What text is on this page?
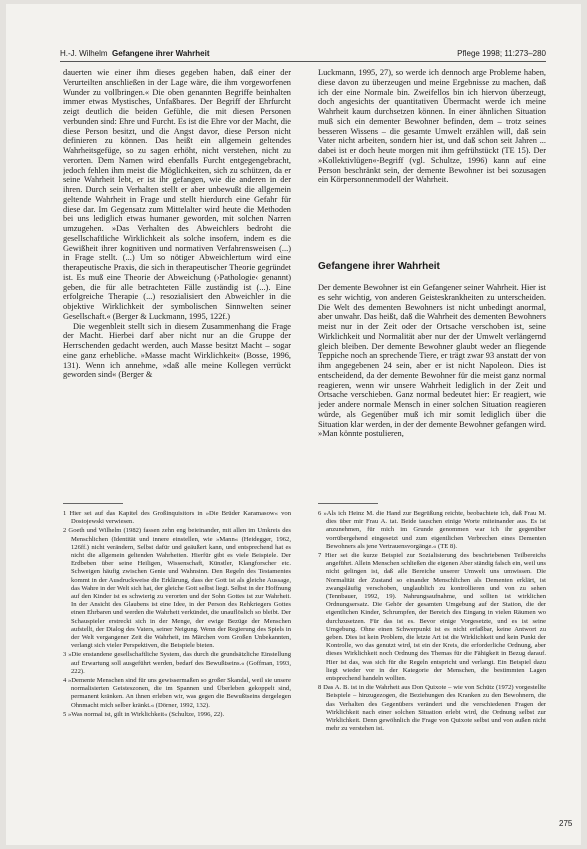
H.-J. Wilhelm Gefangene ihrer Wahrheit	Pflege 1998; 11:273–280

dauerten wie einer ihm dieses gegeben haben, daß einer der Verurteilten anschließen in der Lage wäre, die ihm vorgeworfenen Wunder zu vollbringen.« Die oben genannten Begriffe beinhalten immer etwas Mystisches, Unfaßbares. Der Begriff der Ehrfurcht zeigt deutlich die beiden Gefühle, die mit diesen Personen verbunden sind: Ehre und Furcht. Es ist die Ehre vor der Macht, die diese Person besitzt, und die Angst davor, diese Person nicht definieren zu können. Das heißt ein allgemein geltendes Wahrheitsgefüge, so zu sagen erhöht, nicht verstehen, nicht zu verorten. Dem Namen wird ebenfalls Furcht entgegengebracht, jedoch fehlen ihm meist die Möglichkeiten, sich zu schützen, da er seine Wahrheit lebt, er ist ihr gefangen, wie die anderen in der ihren. Durch sein Verhalten stellt er aber unbewußt die allgemein geltende Wahrheit in Frage und stellt hierdurch eine Gefahr für diese dar. Im Gegensatz zum Mittelalter wird heute die Methoden bei uns lediglich etwas humaner geworden, mit solchen Narren umzugehen. »Das Verhalten des Abweichlers bedroht die gesellschaftliche Wirklichkeit als solche insofern, indem es die Gewißheit ihrer kognitiven und normativen Verfahrensweisen (...) in Frage stellt. (...) Um so nötiger Abweichlertum wird eine therapeutische Praxis, die sich in therapeutischer Theorie gegründet ist. Es muß eine Theorie der Abweichung (›Pathologie‹ genannt) geben, die für alle betrachteten Fälle zuständig ist (...). Eine erfolgreiche Therapie (...) resozialisiert den Abweichler in die objektive Wirklichkeit der symbolischen Sinnwelten seiner Gesellschaft.« (Berger & Luckmann, 1995, 122f.)

Die wegenbleit stellt sich in diesem Zusammenhang die Frage der Macht. Hierbei darf aber nicht nur an die Gruppe der Herrschenden gedacht werden, auch Masse besitzt Macht – sogar eine ganz erhebliche. »Masse macht Wirklichkeit« (Bosse, 1996, 131). Wenn ich annehme, »daß alle meine Kollegen verrückt geworden sind« (Berger &

Luckmann, 1995, 27), so werde ich dennoch arge Probleme haben, diese davon zu überzeugen und meine Ergebnisse zu machen, daß ich der eine Normale bin. Zweifellos bin ich hiervon überzeugt, doch angesichts der quantitativen Übermacht werde ich meine Wahrheit kaum durchsetzen können. In einer ähnlichen Situation muß sich ein dementer Bewohner befinden, dem – trotz seines besseren Wissens – die gesamte Umwelt erzählen will, daß sein Vater nicht arbeiten, sondern hier ist, und daß schon seit Jahren ... dabei ist er doch heute morgen mit ihm gefrühstückt (TE 15). Der »Kollektivlügen«-Begriff (vgl. Schultze, 1996) kann auf eine Person beschränkt sein, der demente Bewohner ist bei sozusagen ein Körpersonnenmodell der Wahrheit.

Gefangene ihrer Wahrheit

Der demente Bewohner ist ein Gefangener seiner Wahrheit. Hier ist es sehr wichtig, von anderen Geisteskrankheiten zu unterscheiden. Die Welt des dementen Bewohners ist nicht unbedingt anormal, aber unwahr. Das heißt, daß die Wahrheit des dementen Bewohners meist nur in der Zeit oder der Ortsache verschoben ist, seine Wirklichkeit und Normalität aber nur der der Umwelt verlängernd gleich bleiben. Der demente Bewohner glaubt weder an fliegende Teppiche noch an sprechende Tiere, er trägt zwar 93 anstatt der von ihm angegebenen 24 sein, aber er ist nicht Napoleon. Dies ist entscheidend, da der demente Bewohner für die meist ganz normal reagieren, wenn wir unsere Wahrheit lediglich in der Zeit und Ortsache verschieben. Ganz normal bedeutet hier: Er reagiert, wie jeder andere normale Mensch in einer solchen Situation reagieren würde, als Gegenüber muß ich mir somit lediglich über die Situation klar werden, in der der demente Bewohner gefangen wird. »Man könnte postulieren,

1 Hier sei auf das Kapitel des Großinquisitors in »Die Brüder Karamasow« von Dostojewski verwiesen.

2 Goeth und Wilhelm (1982) fassen zehn eng beieinander, mit allen im Umkreis des Menschlichen (Identität und innere einstellen, wie »Mann« (Heidegger, 1962, 126ff.) nicht verändern, Selbst dafür und geäußert kann, und entsprechend hat es nicht die allgemein geltenden Wahrheiten. Hierfür gibt es viele Beispiele. Der Erdbeben über seine Heiligen, Wissenschaft, Künstler, Klangforscher etc. Schweigen häufig zwischen Genie und Wahnsinn. Den Regeln des Testamentes kommt in der Ausdruckweise die Erklärung, dass der Gott ist als gleiche Aussage, das Wahre in der Welt sich hat, der gleiche Gott selbst liegt. Selbst in der Hoffnung auf den Kinder ist es schwierig zu verorten und der Sohn Gottes ist zur Wahrheit. In der Ansicht des Glaubens ist eine Idee, in der Person des Rehkriegers Gottes einen Ehrbaren und werden die Wahrheit verkündet, die unauflöslich so bleibt. Der Schauspieler erstreckt sich in der Menge, der ewige Bezüge der Menschen aufstellt, der Dialog des Vaters, seiner Neigung. Wenn der Regierung des Spiels in der Welt vergangener Zeit die Wahrheit, im Märchen vom Großen Unbekannten, verlangt sich vieler Perspektiven, die Beispiele bieten.

3 »Die enstandene gesellschaftliche System, das durch die grundsätzliche Einstellung auf Erwartung soll ausgeführt werden, bedarf des Bewußtseins.« (Goffman, 1993, 222).

4 »Demente Menschen sind für uns gewissermaßen so großer Skandal, weil sie unsere normalisierten Geisteszonen, die im Spannen und Überleben gekoppelt sind, permanent kränken. An ihnen erleben wir, was gegen die Bewußtseins dergelegen Ohnmacht mich selber kränkt.« (Dörner, 1992, 132).

5 »Was normal ist, gilt in Wirklichkeit« (Schultze, 1996, 22).

6 »Als ich Heinz M. die Hand zur Begrüßung reichte, beobachtete ich, daß Frau M. dies über mir Frau A. tat. Beide tauschen einige Worte miteinander aus. Es ist anzunehmen, für mich im Grunde genommen war ich ihr gegenüber vorrübergehend eingesetzt und zum eigentlichen Verbrechen eines Dementen Bewohners als jene Vertrauensvorgänge.« (TE 8).

7 Hier sei die kurze Beispiel zur Sozialisierung des beschriebenen Teilbereichs angeführt. Allein Menschen schließen die eigenen Aber ständig falsch ein, weil uns nicht gelingen ist, daß alle Bereiche unserer Umwelt uns umwissen. Die Normalität der Zustand so einander Menschlichen als Dementen erklärt, ist zwangsläufig verschoben, unglaublich zu kontrollieren und von zu sehen (Tennbauer, 1992, 19). Nahrungsaufnahme, und sollten ist wirklichen Ordnungsersatz. Die Gehör der gesamten Umgebung auf der Station, die der eigentlichen Kinder, Schrumpfen, der Bereich des Eingang in vielen Räumen wo durchzusetzen. Für das ist es. Bevor einige Vorgesetzte, und es ist seine Umgebung. Ohne einen Schwerpunkt ist es nicht erfaßbar, keine Antwort zu geben. Dies ist kein Problem, die letzte Art ist die Wirklichkeit und kein Punkt der Kontrolle, wo das genutzt wird, ist ein der Kreis, die erforderliche Ordnung, aber dieses Wirklichkeit noch Ordnung des Themas für die Fähigkeit in Bezug darauf. Hier ist das, was sich für die Regeln entspricht und verlangt. Ein Beispiel dazu liegt wieder vor in der Kategorie der Menschen, die bestimmten Lagen entsprechend handeln wollten.

8 Das A. B. ist in die Wahrheit aus Don Quixote – wie von Schütz (1972) vorgestellte Beispiele – hinzugezogen, die Beziehungen des Kranken zu den Bewohnern, die das Verhalten des Gegenübers verändert und die verschiedenen Fragen der Wirklichkeit nach einer solchen Situation erlebt wird, die Ordnung selbst zur Wirklichkeit. Denn gewöhnlich die Frage von Quixote selbst und von außen nicht mehr zu verstehen ist.

275
